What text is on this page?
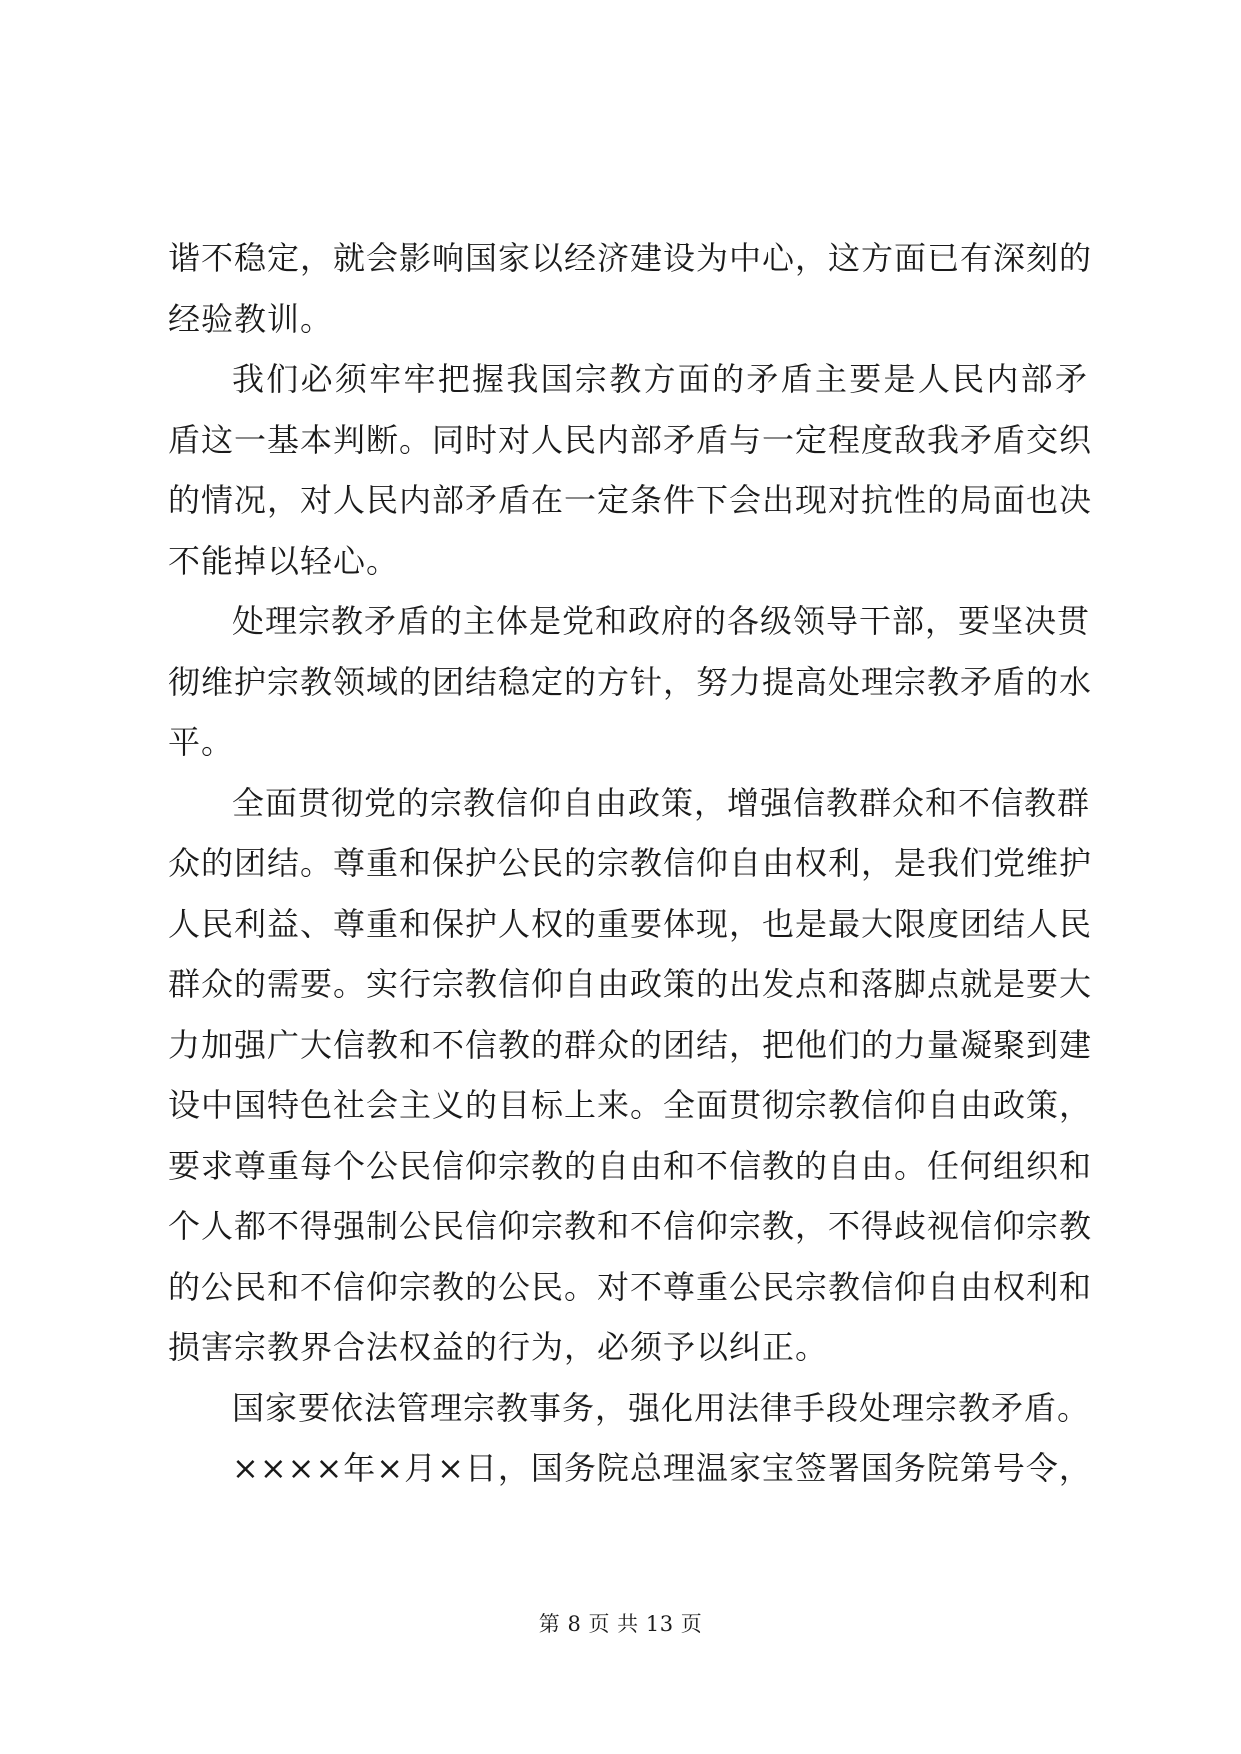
谐不稳定，就会影响国家以经济建设为中心，这方面已有深刻的
经验教训。
我们必须牢牢把握我国宗教方面的矛盾主要是人民内部矛
盾这一基本判断。同时对人民内部矛盾与一定程度敌我矛盾交织
的情况，对人民内部矛盾在一定条件下会出现对抗性的局面也决
不能掉以轻心。
处理宗教矛盾的主体是党和政府的各级领导干部，要坚决贯
彻维护宗教领域的团结稳定的方针，努力提高处理宗教矛盾的水
平。
全面贯彻党的宗教信仰自由政策，增强信教群众和不信教群
众的团结。尊重和保护公民的宗教信仰自由权利，是我们党维护
人民利益、尊重和保护人权的重要体现，也是最大限度团结人民
群众的需要。实行宗教信仰自由政策的出发点和落脚点就是要大
力加强广大信教和不信教的群众的团结，把他们的力量凝聚到建
设中国特色社会主义的目标上来。全面贯彻宗教信仰自由政策，
要求尊重每个公民信仰宗教的自由和不信教的自由。任何组织和
个人都不得强制公民信仰宗教和不信仰宗教，不得歧视信仰宗教
的公民和不信仰宗教的公民。对不尊重公民宗教信仰自由权利和
损害宗教界合法权益的行为，必须予以纠正。
国家要依法管理宗教事务，强化用法律手段处理宗教矛盾。
××××年×月×日，国务院总理温家宝签署国务院第号令，
第 8 页 共 13 页
